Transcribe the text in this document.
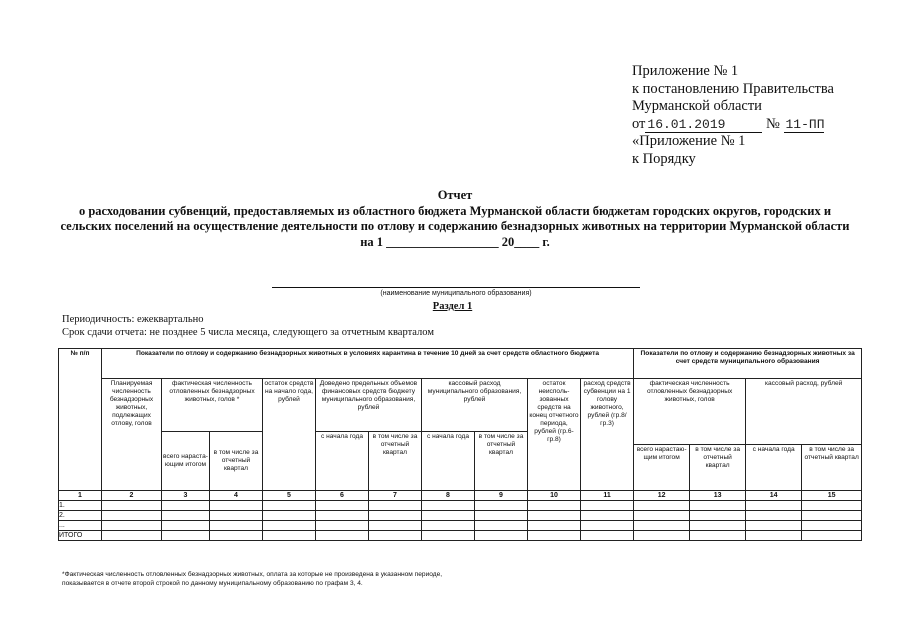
Приложение № 1
к постановлению Правительства
Мурманской области
от 16.01.2019	№ 11-ПП
«Приложение № 1
к Порядку
Отчет
о расходовании субвенций, предоставляемых из областного бюджета Мурманской области бюджетам городских округов, городских и сельских поселений на осуществление деятельности по отлову и содержанию безнадзорных животных на территории Мурманской области
на 1 __________________ 20____ г.
(наименование муниципального образования)
Раздел 1
Периодичность: ежеквартально
Срок сдачи отчета: не позднее 5 числа месяца, следующего за отчетным кварталом
№ п/п	Показатели по отлову и содержанию безнадзорных животных в условиях карантина в течение 10 дней за счет средств областного бюджета										Показатели по отлову и содержанию безнадзорных животных за счет средств муниципального образования			
	Планируемая численность безнадзорных животных, подлежащих отлову, голов	фактическая численность отловленных безнадзорных животных, голов *		остаток средств на начало года, рублей	Доведено предельных объемов финансовых средств бюджету муниципального образования, рублей		кассовый расход муниципального образования, рублей		остаток неисполь-зованных средств на конец отчетного периода, рублей (гр.6-гр.8)	расход средств субвенции на 1 голову животного, рублей (гр.8/гр.3)	фактическая численность отловленных безнадзорных животных, голов		кассовый расход, рублей	
		всего нараста-ющим итогом	в том числе за отчетный квартал		с начала года	в том числе за отчетный квартал	с начала года	в том числе за отчетный квартал						
											всего нарастаю-щим итогом	в том числе за отчетный квартал	с начала года	в том числе за отчетный квартал
1	2	3	4	5	6	7	8	9	10	11	12	13	14	15
1.														
2.														
...														
ИТОГО														
*Фактическая численность отловленных безнадзорных животных, оплата за которые не произведена в указанном периоде,
показывается в отчете второй строкой по данному муниципальному образованию по графам 3, 4.
